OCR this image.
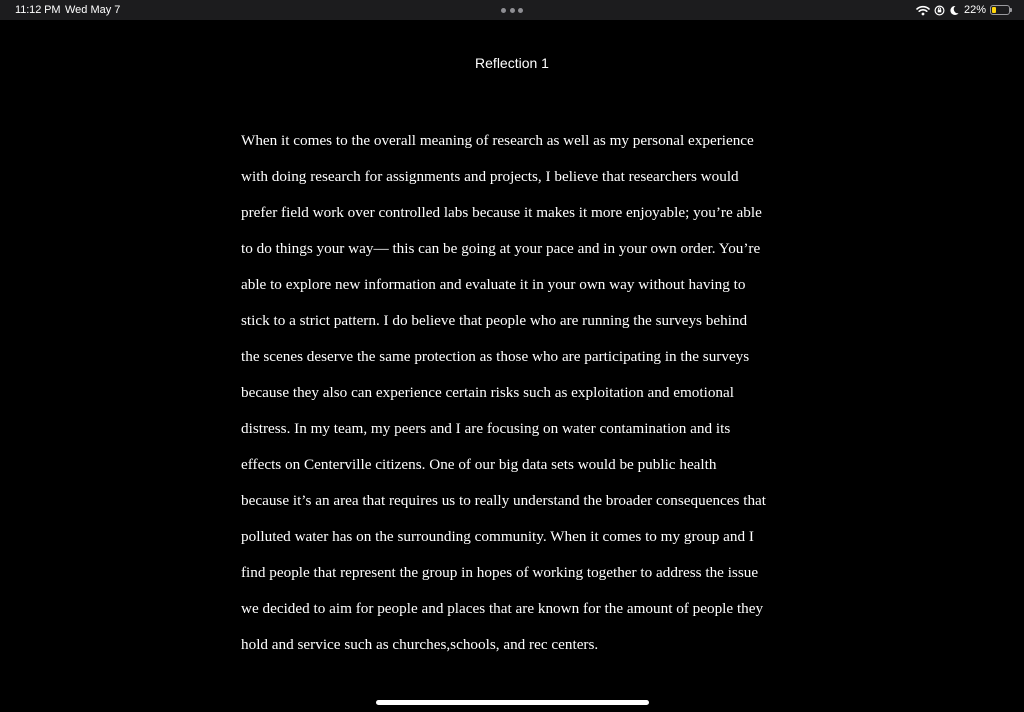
11:12 PM Wed May 7	22%
Reflection 1
When it comes to the overall meaning of research as well as my personal experience
with doing research for assignments and projects, I believe that researchers would
prefer field work over controlled labs because it makes it more enjoyable; you’re able
to do things your way— this can be going at your pace and in your own order. You’re
able to explore new information and evaluate it in your own way without having to
stick to a strict pattern. I do believe that people who are running the surveys behind
the scenes deserve the same protection as those who are participating in the surveys
because they also can experience certain risks such as exploitation and emotional
distress. In my team, my peers and I are focusing on water contamination and its
effects on Centerville citizens. One of our big data sets would be public health
because it’s an area that requires us to really understand the broader consequences that
polluted water has on the surrounding community. When it comes to my group and I
find people that represent the group in hopes of working together to address the issue
we decided to aim for people and places that are known for the amount of people they
hold and service such as churches,schools, and rec centers.
